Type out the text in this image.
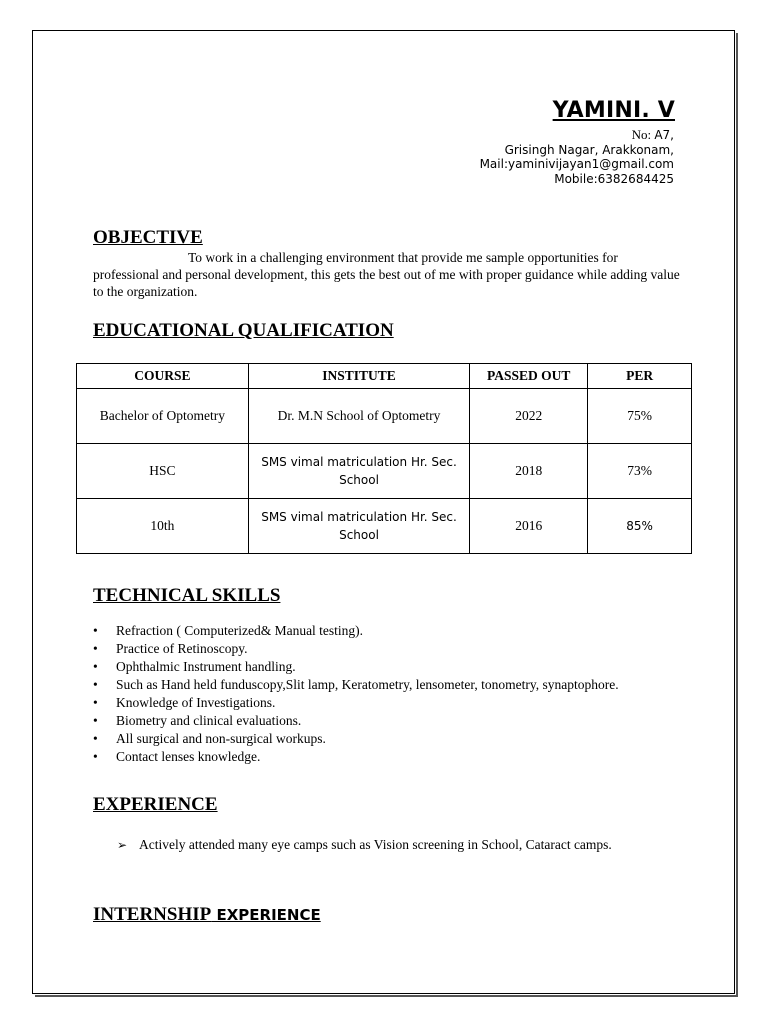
YAMINI. V
No: A7,
Grisingh Nagar, Arakkonam,
Mail:yaminivijayan1@gmail.com
Mobile:6382684425
OBJECTIVE
To work in a challenging environment that provide me sample opportunities for professional and personal development, this gets the best out of me with proper guidance while adding value to the organization.
EDUCATIONAL QUALIFICATION
COURSE	INSTITUTE	PASSED OUT	PER
Bachelor of Optometry	Dr. M.N School of Optometry	2022	75%
HSC	SMS vimal matriculation Hr. Sec. School	2018	73%
10th	SMS vimal matriculation Hr. Sec. School	2016	85%
TECHNICAL SKILLS
• Refraction ( Computerized& Manual testing).
• Practice of Retinoscopy.
• Ophthalmic Instrument handling.
• Such as Hand held funduscopy,Slit lamp, Keratometry, lensometer, tonometry, synaptophore.
• Knowledge of Investigations.
• Biometry and clinical evaluations.
• All surgical and non-surgical workups.
• Contact lenses knowledge.
EXPERIENCE
➢ Actively attended many eye camps such as Vision screening in School, Cataract camps.
INTERNSHIP EXPERIENCE
